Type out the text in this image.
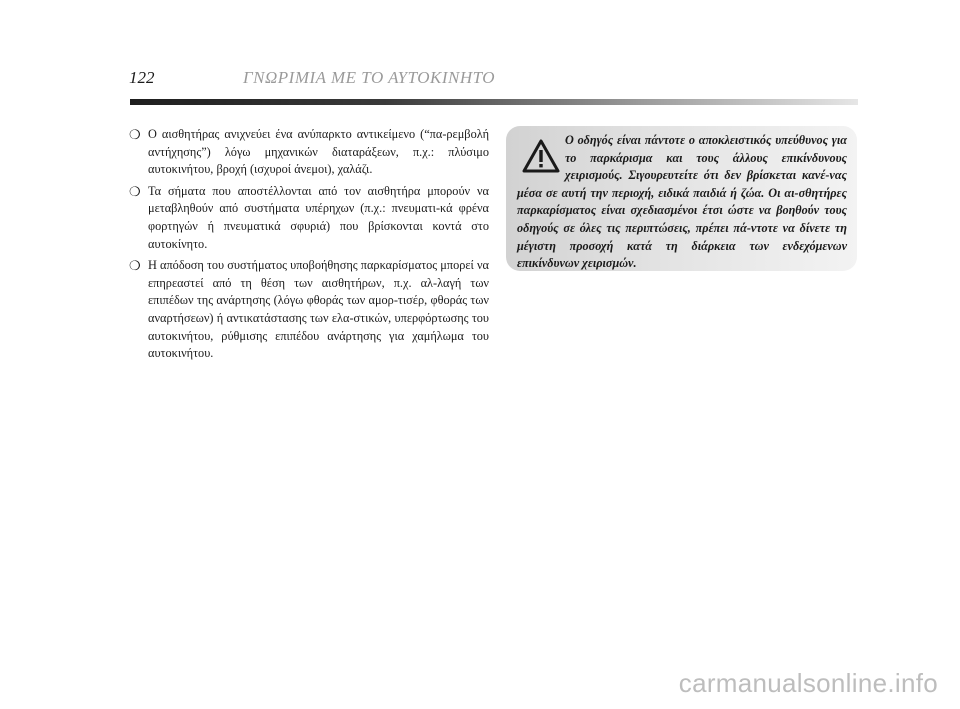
122	ΓΝΩΡΙΜΙΑ ΜΕ ΤΟ ΑΥΤΟΚΙΝΗΤΟ
❍ Ο αισθητήρας ανιχνεύει ένα ανύπαρκτο αντικείμενο (“πα-ρεμβολή αντήχησης”) λόγω μηχανικών διαταράξεων, π.χ.: πλύσιμο αυτοκινήτου, βροχή (ισχυροί άνεμοι), χαλάζι.
❍ Τα σήματα που αποστέλλονται από τον αισθητήρα μπορούν να μεταβληθούν από συστήματα υπέρηχων (π.χ.: πνευματι-κά φρένα φορτηγών ή πνευματικά σφυριά) που βρίσκονται κοντά στο αυτοκίνητο.
❍ Η απόδοση του συστήματος υποβοήθησης παρκαρίσματος μπορεί να επηρεαστεί από τη θέση των αισθητήρων, π.χ. αλ-λαγή των επιπέδων της ανάρτησης (λόγω φθοράς των αμορ-τισέρ, φθοράς των αναρτήσεων) ή αντικατάστασης των ελα-στικών, υπερφόρτωσης του αυτοκινήτου, ρύθμισης επιπέδου ανάρτησης για χαμήλωμα του αυτοκινήτου.

Ο οδηγός είναι πάντοτε ο αποκλειστικός υπεύθυνος για το παρκάρισμα και τους άλλους επικίνδυνους χειρισμούς. Σιγουρευτείτε ότι δεν βρίσκεται κανέ-νας μέσα σε αυτή την περιοχή, ειδικά παιδιά ή ζώα. Οι αι-σθητήρες παρκαρίσματος είναι σχεδιασμένοι έτσι ώστε να βοηθούν τους οδηγούς σε όλες τις περιπτώσεις, πρέπει πά-ντοτε να δίνετε τη μέγιστη προσοχή κατά τη διάρκεια των ενδεχόμενων επικίνδυνων χειρισμών.

carmanualsonline.info
